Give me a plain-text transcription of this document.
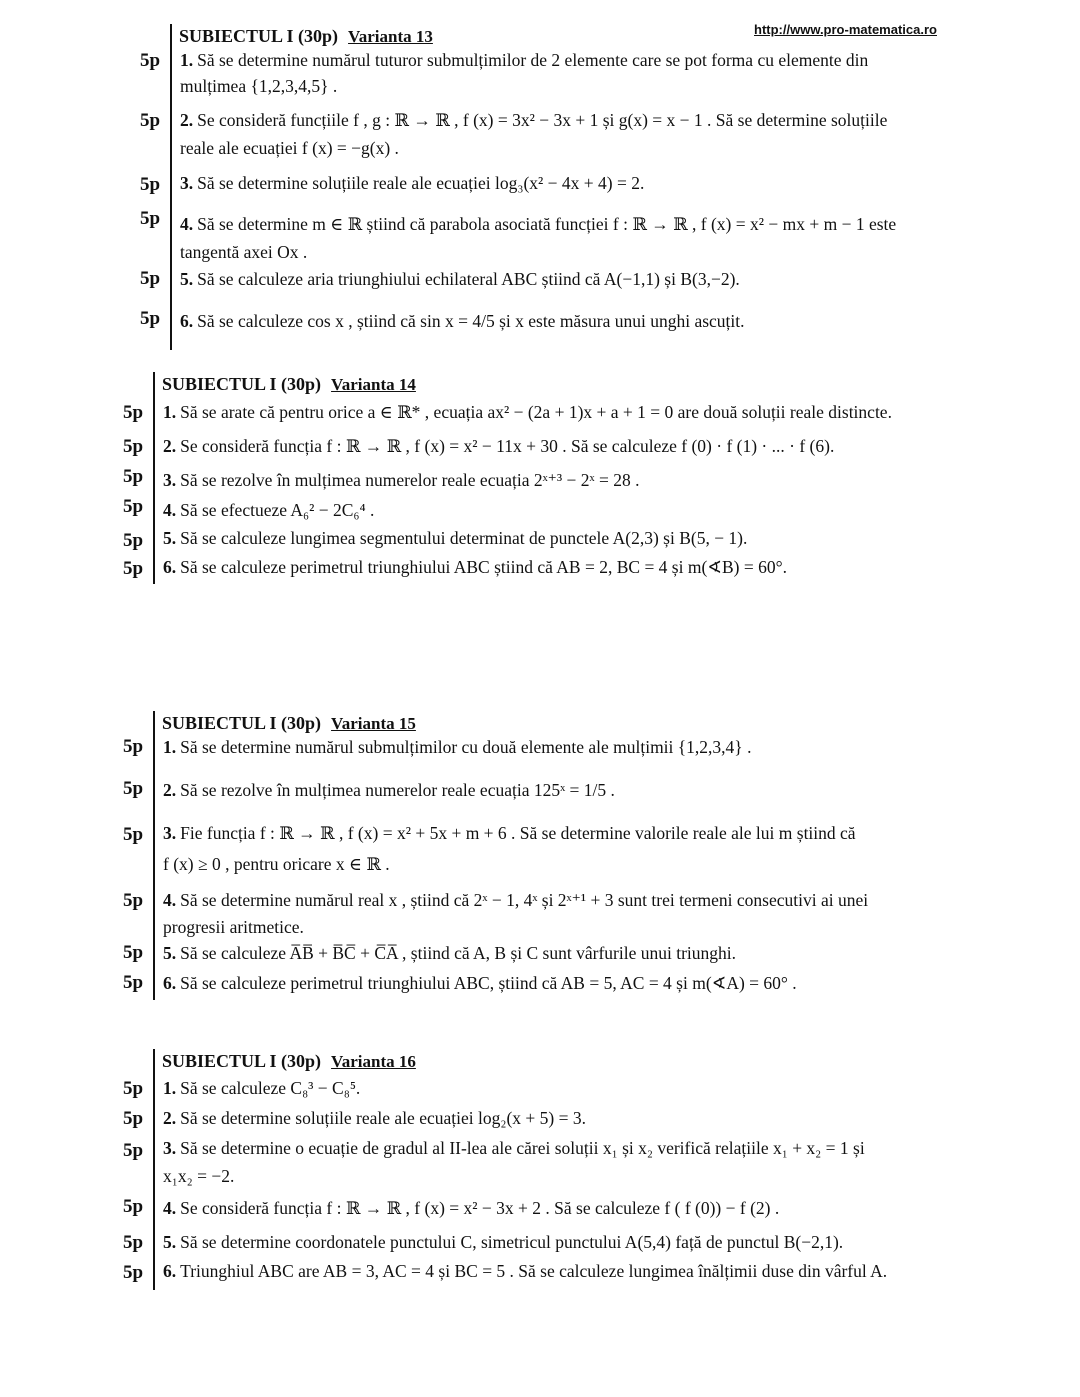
http://www.pro-matematica.ro
SUBIECTUL I (30p) Varianta 13
5p 1. Să se determine numărul tuturor submulțimilor de 2 elemente care se pot forma cu elemente din
mulțimea {1,2,3,4,5} .
5p 2. Se consideră funcțiile f , g : ℝ → ℝ , f (x) = 3x² − 3x + 1 și g(x) = x − 1 . Să se determine soluțiile
reale ale ecuației f (x) = −g(x) .
5p 3. Să se determine soluțiile reale ale ecuației log₃(x² − 4x + 4) = 2.
5p 4. Să se determine m ∈ ℝ știind că parabola asociată funcției f : ℝ → ℝ , f (x) = x² − mx + m − 1 este
tangentă axei Ox .
5p 5. Să se calculeze aria triunghiului echilateral ABC știind că A(−1,1) și B(3,−2).
5p 6. Să se calculeze cos x , știind că sin x = 4/5 și x este măsura unui unghi ascuțit.
SUBIECTUL I (30p) Varianta 14
5p 1. Să se arate că pentru orice a ∈ ℝ* , ecuația ax² − (2a + 1)x + a + 1 = 0 are două soluții reale distincte.
5p 2. Se consideră funcția f : ℝ → ℝ , f (x) = x² − 11x + 30 . Să se calculeze f (0) · f (1) · ... · f (6).
5p 3. Să se rezolve în mulțimea numerelor reale ecuația 2ˣ⁺³ − 2ˣ = 28 .
5p 4. Să se efectueze A₆² − 2C₆⁴ .
5p 5. Să se calculeze lungimea segmentului determinat de punctele A(2,3) și B(5, − 1).
5p 6. Să se calculeze perimetrul triunghiului ABC știind că AB = 2, BC = 4 și m(∢B) = 60°.
SUBIECTUL I (30p) Varianta 15
5p 1. Să se determine numărul submulțimilor cu două elemente ale mulțimii {1,2,3,4} .
5p 2. Să se rezolve în mulțimea numerelor reale ecuația 125ˣ = 1/5 .
5p 3. Fie funcția f : ℝ → ℝ , f (x) = x² + 5x + m + 6 . Să se determine valorile reale ale lui m știind că
f (x) ≥ 0 , pentru oricare x ∈ ℝ .
5p 4. Să se determine numărul real x , știind că 2ˣ − 1, 4ˣ și 2ˣ⁺¹ + 3 sunt trei termeni consecutivi ai unei
progresii aritmetice.
5p 5. Să se calculeze A̅B̅ + B̅C̅ + C̅A̅ , știind că A, B și C sunt vârfurile unui triunghi.
5p 6. Să se calculeze perimetrul triunghiului ABC, știind că AB = 5, AC = 4 și m(∢A) = 60° .
SUBIECTUL I (30p) Varianta 16
5p 1. Să se calculeze C₈³ − C₈⁵.
5p 2. Să se determine soluțiile reale ale ecuației log₂(x + 5) = 3.
5p 3. Să se determine o ecuație de gradul al II-lea ale cărei soluții x₁ și x₂ verifică relațiile x₁ + x₂ = 1 și
x₁x₂ = −2.
5p 4. Se consideră funcția f : ℝ → ℝ , f (x) = x² − 3x + 2 . Să se calculeze f ( f (0)) − f (2) .
5p 5. Să se determine coordonatele punctului C, simetricul punctului A(5,4) față de punctul B(−2,1).
5p 6. Triunghiul ABC are AB = 3, AC = 4 și BC = 5 . Să se calculeze lungimea înălțimii duse din vârful A.
